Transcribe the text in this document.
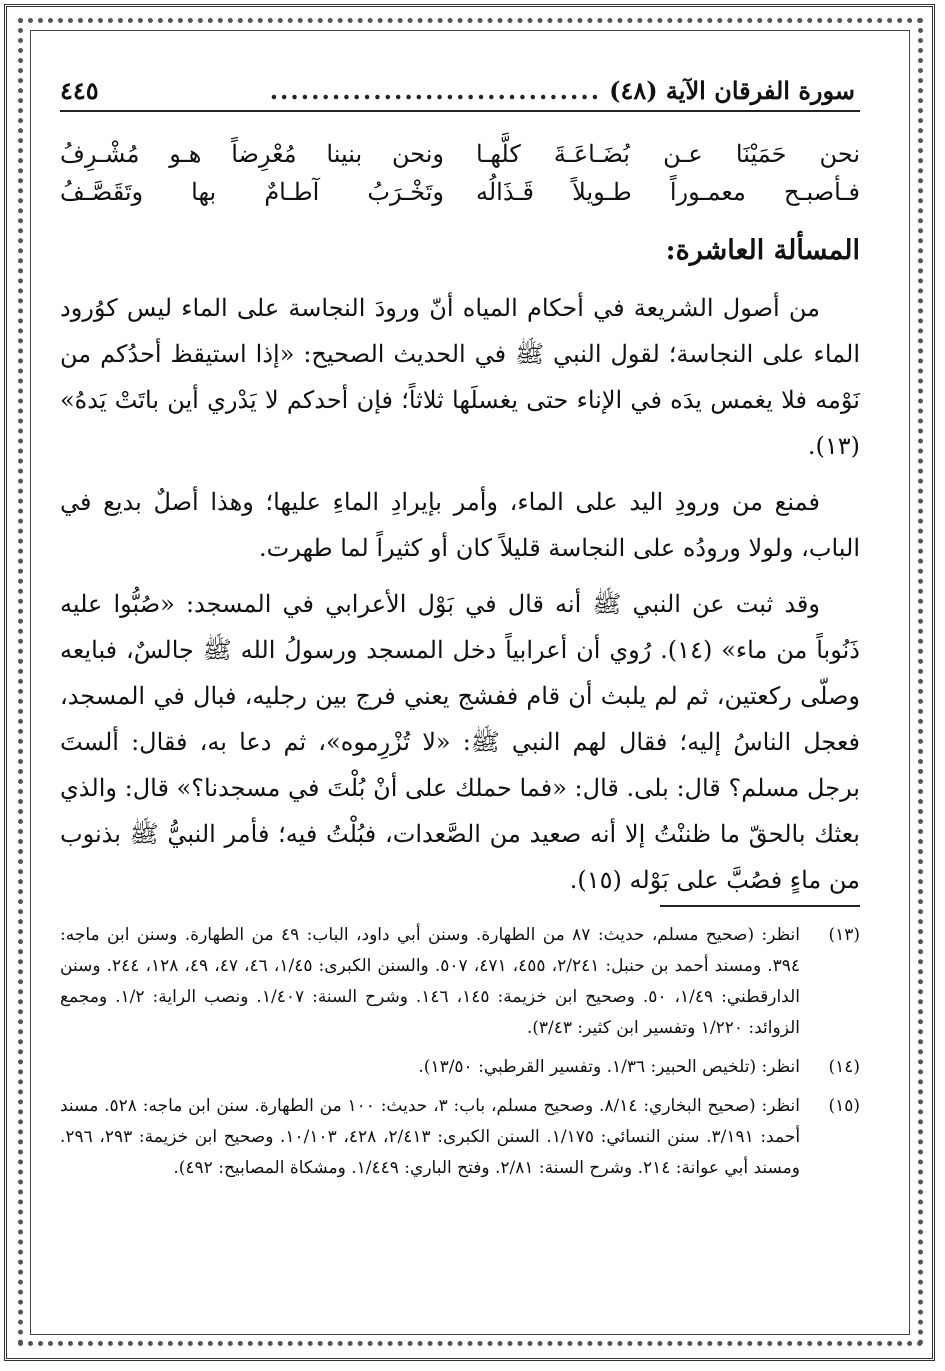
سورة الفرقان الآية (٤٨)
................................
٤٤٥
نحن حَمَيْنَا عـن بُضَـاعَـةَ كلَّهـا
ونحن بنينا مُعْرِضاً هـو مُشْـرِفُ
فـأصبـح معمـوراً طـويلاً قَـذَالُه
وتَخْـرَبُ آطـامٌ بها وتَقَصَّـفُ
المسألة العاشرة:

من أصول الشريعة في أحكام المياه أنّ ورودَ النجاسة على الماء ليس كوُرود الماء على النجاسة؛ لقول النبي ﷺ في الحديث الصحيح: «إذا استيقظ أحدُكم من نَوْمه فلا يغمس يدَه في الإناء حتى يغسلَها ثلاثاً؛ فإن أحدكم لا يَدْري أين باتَتْ يَدهُ» (١٣).

فمنع من ورودِ اليد على الماء، وأمر بإيرادِ الماءِ عليها؛ وهذا أصلٌ بديع في الباب، ولولا ورودُه على النجاسة قليلاً كان أو كثيراً لما طهرت.

وقد ثبت عن النبي ﷺ أنه قال في بَوْل الأعرابي في المسجد: «صُبُّوا عليه ذَنُوباً من ماء» (١٤). رُوي أن أعرابياً دخل المسجد ورسولُ الله ﷺ جالسٌ، فبايعه وصلّى ركعتين، ثم لم يلبث أن قام ففشج يعني فرج بين رجليه، فبال في المسجد، فعجل الناسُ إليه؛ فقال لهم النبي ﷺ: «لا تُزْرِموه»، ثم دعا به، فقال: ألستَ برجل مسلم؟ قال: بلى. قال: «فما حملك على أنْ بُلْتَ في مسجدنا؟» قال: والذي بعثك بالحقّ ما ظننْتُ إلا أنه صعيد من الصَّعدات، فبُلْتُ فيه؛ فأمر النبيُّ ﷺ بذنوب من ماءٍ فصُبَّ على بَوْله (١٥).

(١٣)
انظر: (صحيح مسلم، حديث: ٨٧ من الطهارة. وسنن أبي داود، الباب: ٤٩ من الطهارة. وسنن ابن ماجه: ٣٩٤. ومسند أحمد بن حنبل: ٢/٢٤١، ٤٥٥، ٤٧١، ٥٠٧. والسنن الكبرى: ١/٤٥، ٤٦، ٤٧، ٤٩، ١٢٨، ٢٤٤. وسنن الدارقطني: ١/٤٩، ٥٠. وصحيح ابن خزيمة: ١٤٥، ١٤٦. وشرح السنة: ١/٤٠٧. ونصب الراية: ١/٢. ومجمع الزوائد: ١/٢٢٠ وتفسير ابن كثير: ٣/٤٣).
(١٤)
انظر: (تلخيص الحبير: ١/٣٦. وتفسير القرطبي: ١٣/٥٠).
(١٥)
انظر: (صحيح البخاري: ٨/١٤. وصحيح مسلم، باب: ٣، حديث: ١٠٠ من الطهارة. سنن ابن ماجه: ٥٢٨. مسند أحمد: ٣/١٩١. سنن النسائي: ١/١٧٥. السنن الكبرى: ٢/٤١٣، ٤٢٨، ١٠/١٠٣. وصحيح ابن خزيمة: ٢٩٣، ٢٩٦. ومسند أبي عوانة: ٢١٤. وشرح السنة: ٢/٨١. وفتح الباري: ١/٤٤٩. ومشكاة المصابيح: ٤٩٢).
